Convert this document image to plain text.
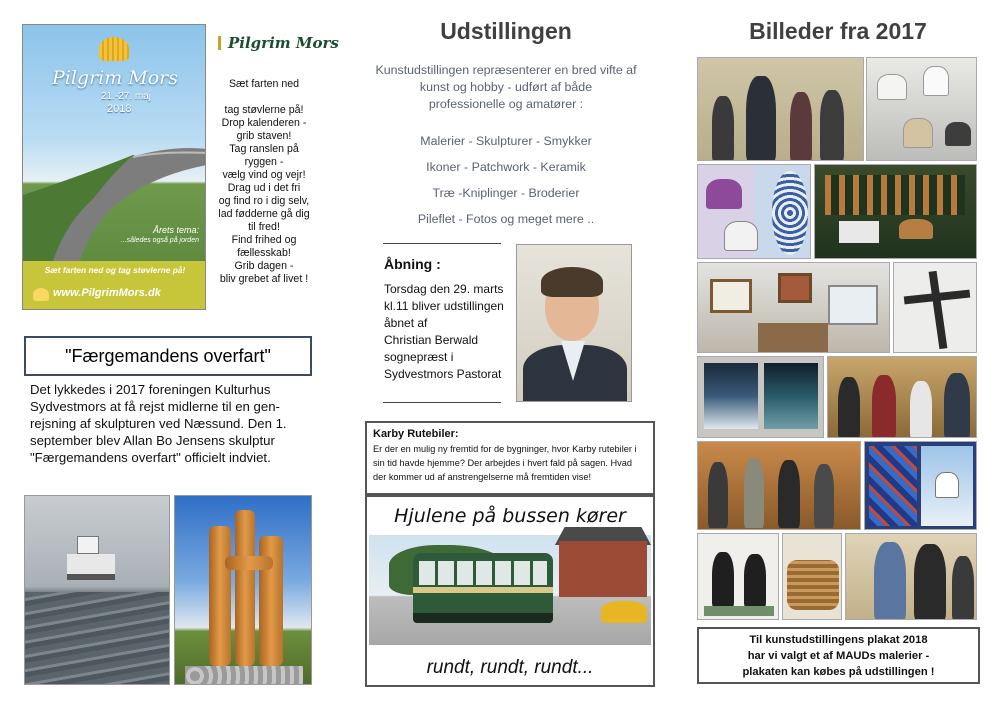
Pilgrim Mors
21.-27. maj
2018
Årets tema:
...således også på jorden
Sæt farten ned og tag støvlerne på!
www.PilgrimMors.dk
Pilgrim Mors
Sæt farten ned
tag støvlerne på!
Drop kalenderen -
grib staven!
Tag ranslen på
ryggen -
vælg vind og vejr!
Drag ud i det fri
og find ro i dig selv,
lad fødderne gå dig
til fred!
Find frihed og
fællesskab!
Grib dagen -
bliv grebet af livet !
"Færgemandens overfart"
Det lykkedes i 2017 foreningen Kulturhus
Sydvestmors at få rejst midlerne til en gen-
rejsning af skulpturen ved Næssund. Den 1.
september blev Allan Bo Jensens skulptur
"Færgemandens overfart" officielt indviet.
Udstillingen
Kunstudstillingen repræsenterer en bred vifte af
kunst og hobby - udført af både
professionelle og amatører :
Malerier - Skulpturer - Smykker
Ikoner - Patchwork - Keramik
Træ -Kniplinger - Broderier
Pileflet - Fotos og meget mere ..
Åbning :
Torsdag den 29. marts
kl.11 bliver udstillingen
åbnet af
Christian Berwald
sognepræst i
Sydvestmors Pastorat
Karby Rutebiler:
Er der en mulig ny fremtid for de bygninger, hvor Karby rutebiler i
sin tid havde hjemme? Der arbejdes i hvert fald på sagen. Hvad
der kommer ud af anstrengelserne må fremtiden vise!
Hjulene på bussen kører
rundt, rundt, rundt...
Billeder fra 2017
Til kunstudstillingens plakat 2018
har vi valgt et af MAUDs malerier -
plakaten kan købes på udstillingen !
